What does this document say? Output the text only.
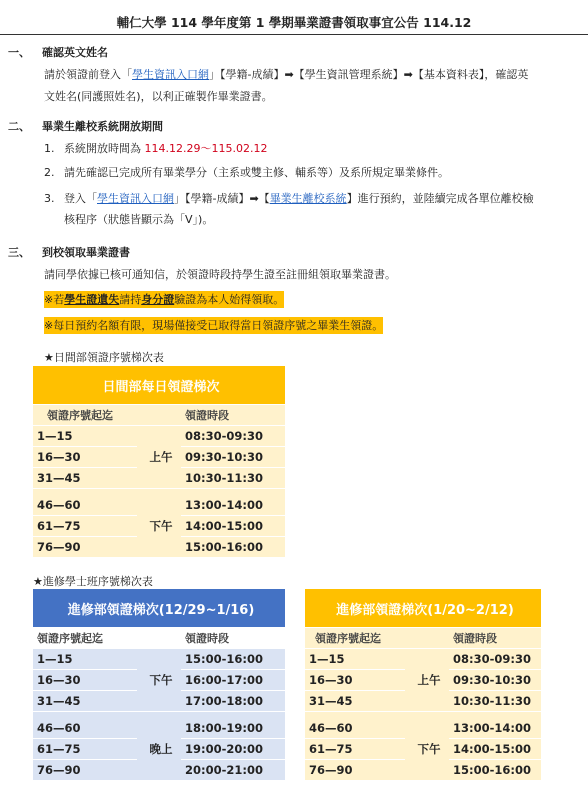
輔仁大學 114 學年度第 1 學期畢業證書領取事宜公告 114.12
一、 確認英文姓名
請於領證前登入「學生資訊入口網」【學籍-成績】➡【學生資訊管理系統】➡【基本資料表】，確認英
文姓名(同護照姓名)，以利正確製作畢業證書。
二、 畢業生離校系統開放期間
1. 系統開放時間為 114.12.29～115.02.12
2. 請先確認已完成所有畢業學分（主系或雙主修、輔系等）及系所規定畢業條件。
3. 登入「學生資訊入口網」【學籍-成績】➡【畢業生離校系統】進行預約，並陸續完成各單位離校檢
核程序（狀態皆顯示為「V」)。
三、 到校領取畢業證書
請同學依據已核可通知信，於領證時段持學生證至註冊組領取畢業證書。
※若學生證遺失請持身分證驗證為本人始得領取。
※每日預約名額有限，現場僅接受已取得當日領證序號之畢業生領證。
★日間部領證序號梯次表
日間部每日領證梯次		
領證序號起迄		領證時段
1—15	上午	08:30-09:30
16—30		09:30-10:30
31—45		10:30-11:30

46—60	下午	13:00-14:00
61—75		14:00-15:00
76—90		15:00-16:00
★進修學士班序號梯次表
進修部領證梯次(12/29~1/16)		
領證序號起迄		領證時段
1—15	下午	15:00-16:00
16—30		16:00-17:00
31—45		17:00-18:00

46—60	晚上	18:00-19:00
61—75		19:00-20:00
76—90		20:00-21:00
進修部領證梯次(1/20~2/12)		
領證序號起迄		領證時段
1—15	上午	08:30-09:30
16—30		09:30-10:30
31—45		10:30-11:30

46—60	下午	13:00-14:00
61—75		14:00-15:00
76—90		15:00-16:00
